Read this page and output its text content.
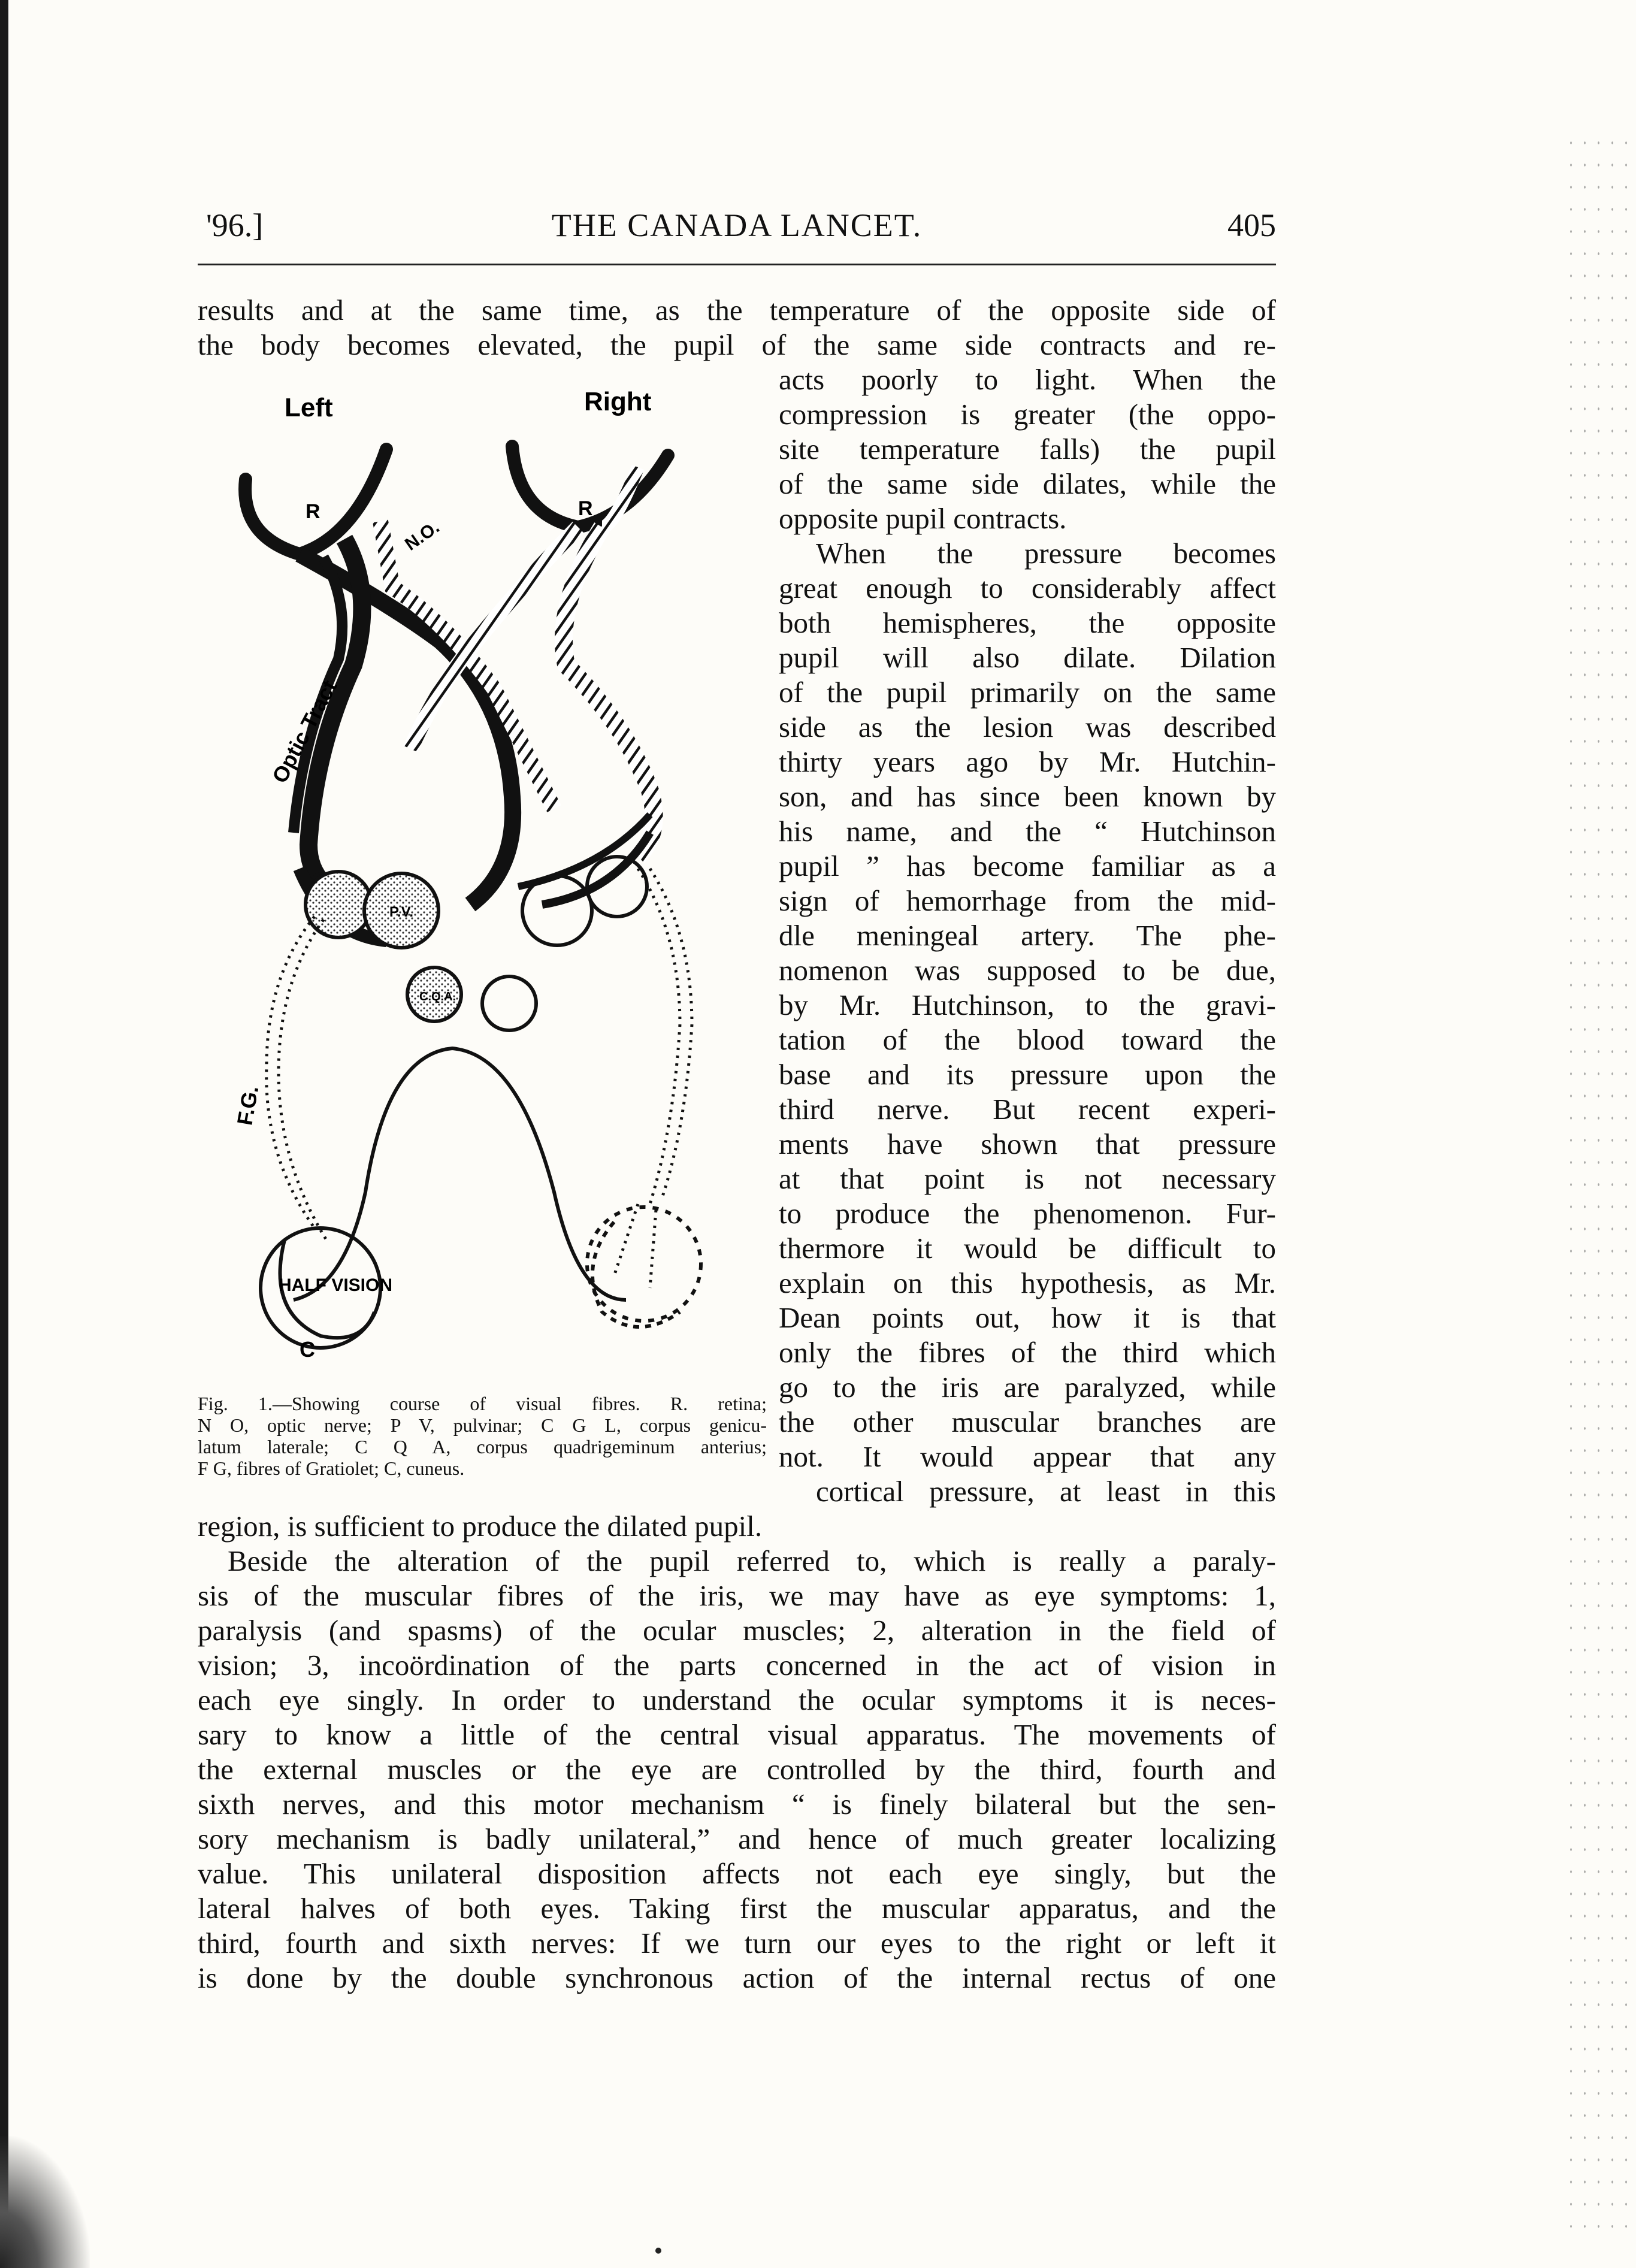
'96.]	THE CANADA LANCET.	405
results and at the same time, as the temperature of the opposite side of
the body becomes elevated, the pupil of the same side contracts and re-
acts poorly to light. When the
compression is greater (the oppo-
site temperature falls) the pupil
of the same side dilates, while the
opposite pupil contracts.
When the pressure becomes
great enough to considerably affect
both hemispheres, the opposite
pupil will also dilate. Dilation
of the pupil primarily on the same
side as the lesion was described
thirty years ago by Mr. Hutchin-
son, and has since been known by
his name, and the “ Hutchinson
pupil ” has become familiar as a
sign of hemorrhage from the mid-
dle meningeal artery. The phe-
nomenon was supposed to be due,
by Mr. Hutchinson, to the gravi-
tation of the blood toward the
base and its pressure upon the
third nerve. But recent experi-
ments have shown that pressure
at that point is not necessary
to produce the phenomenon. Fur-
thermore it would be difficult to
explain on this hypothesis, as Mr.
Dean points out, how it is that
only the fibres of the third which
go to the iris are paralyzed, while
the other muscular branches are
not. It would appear that any
cortical pressure, at least in this
region, is sufficient to produce the dilated pupil.
Beside the alteration of the pupil referred to, which is really a paraly-
sis of the muscular fibres of the iris, we may have as eye symptoms: 1,
paralysis (and spasms) of the ocular muscles; 2, alteration in the field of
vision; 3, incoördination of the parts concerned in the act of vision in
each eye singly. In order to understand the ocular symptoms it is neces-
sary to know a little of the central visual apparatus. The movements of
the external muscles or the eye are controlled by the third, fourth and
sixth nerves, and this motor mechanism “ is finely bilateral but the sen-
sory mechanism is badly unilateral,” and hence of much greater localizing
value. This unilateral disposition affects not each eye singly, but the
lateral halves of both eyes. Taking first the muscular apparatus, and the
third, fourth and sixth nerves: If we turn our eyes to the right or left it
is done by the double synchronous action of the internal rectus of one
Left	Right
R	R
N.O.
Optic Tract
P.V.
C.Q.A.
F.G.
HALF VISION
C
Fig. 1.—Showing course of visual fibres. R. retina;
N O, optic nerve; P V, pulvinar; C G L, corpus genicu-
latum laterale; C Q A, corpus quadrigeminum anterius;
F G, fibres of Gratiolet; C, cuneus.
